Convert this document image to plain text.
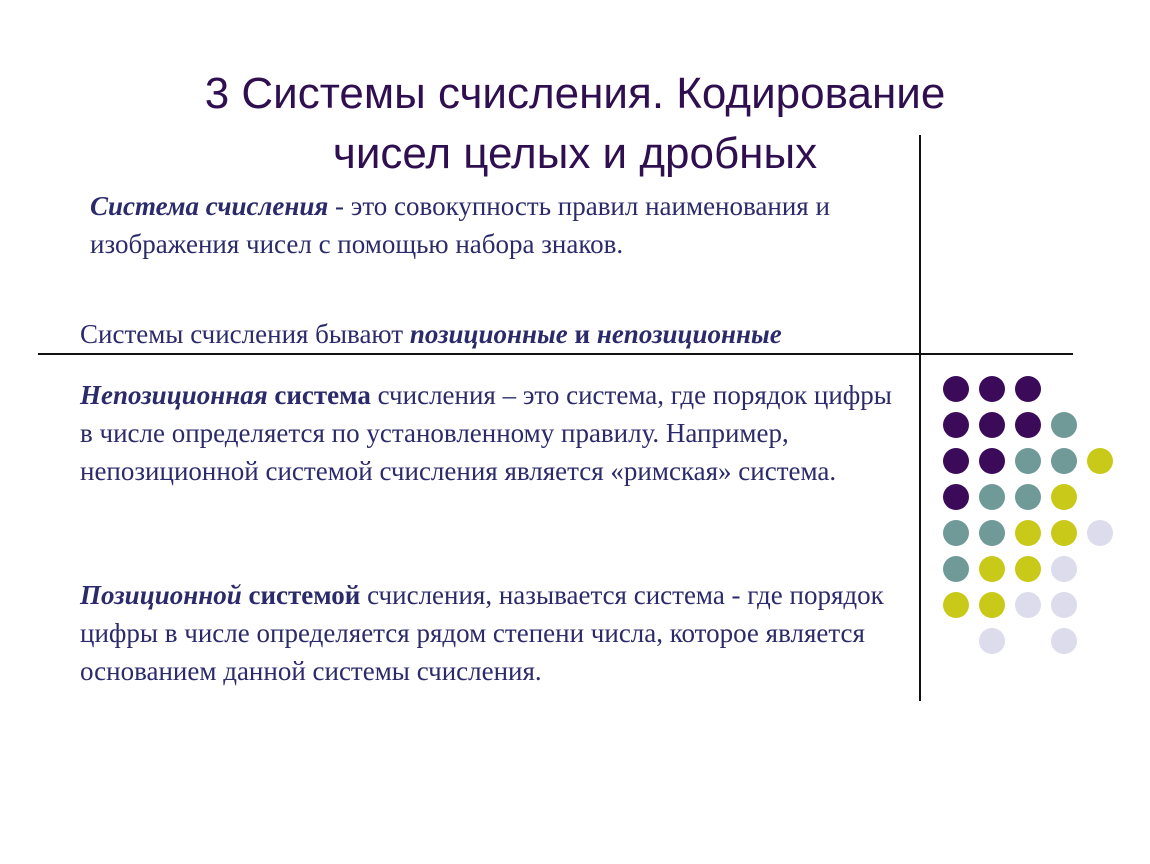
3 Системы счисления. Кодирование
чисел целых и дробных

Система счисления - это совокупность правил наименования и изображения чисел с помощью набора знаков.

Системы счисления бывают позиционные и непозиционные

Непозиционная система счисления – это система, где порядок цифры в числе определяется по установленному правилу. Например, непозиционной системой счисления является «римская» система.

Позиционной системой счисления, называется система - где порядок цифры в числе определяется рядом степени числа, которое является основанием данной системы счисления.
